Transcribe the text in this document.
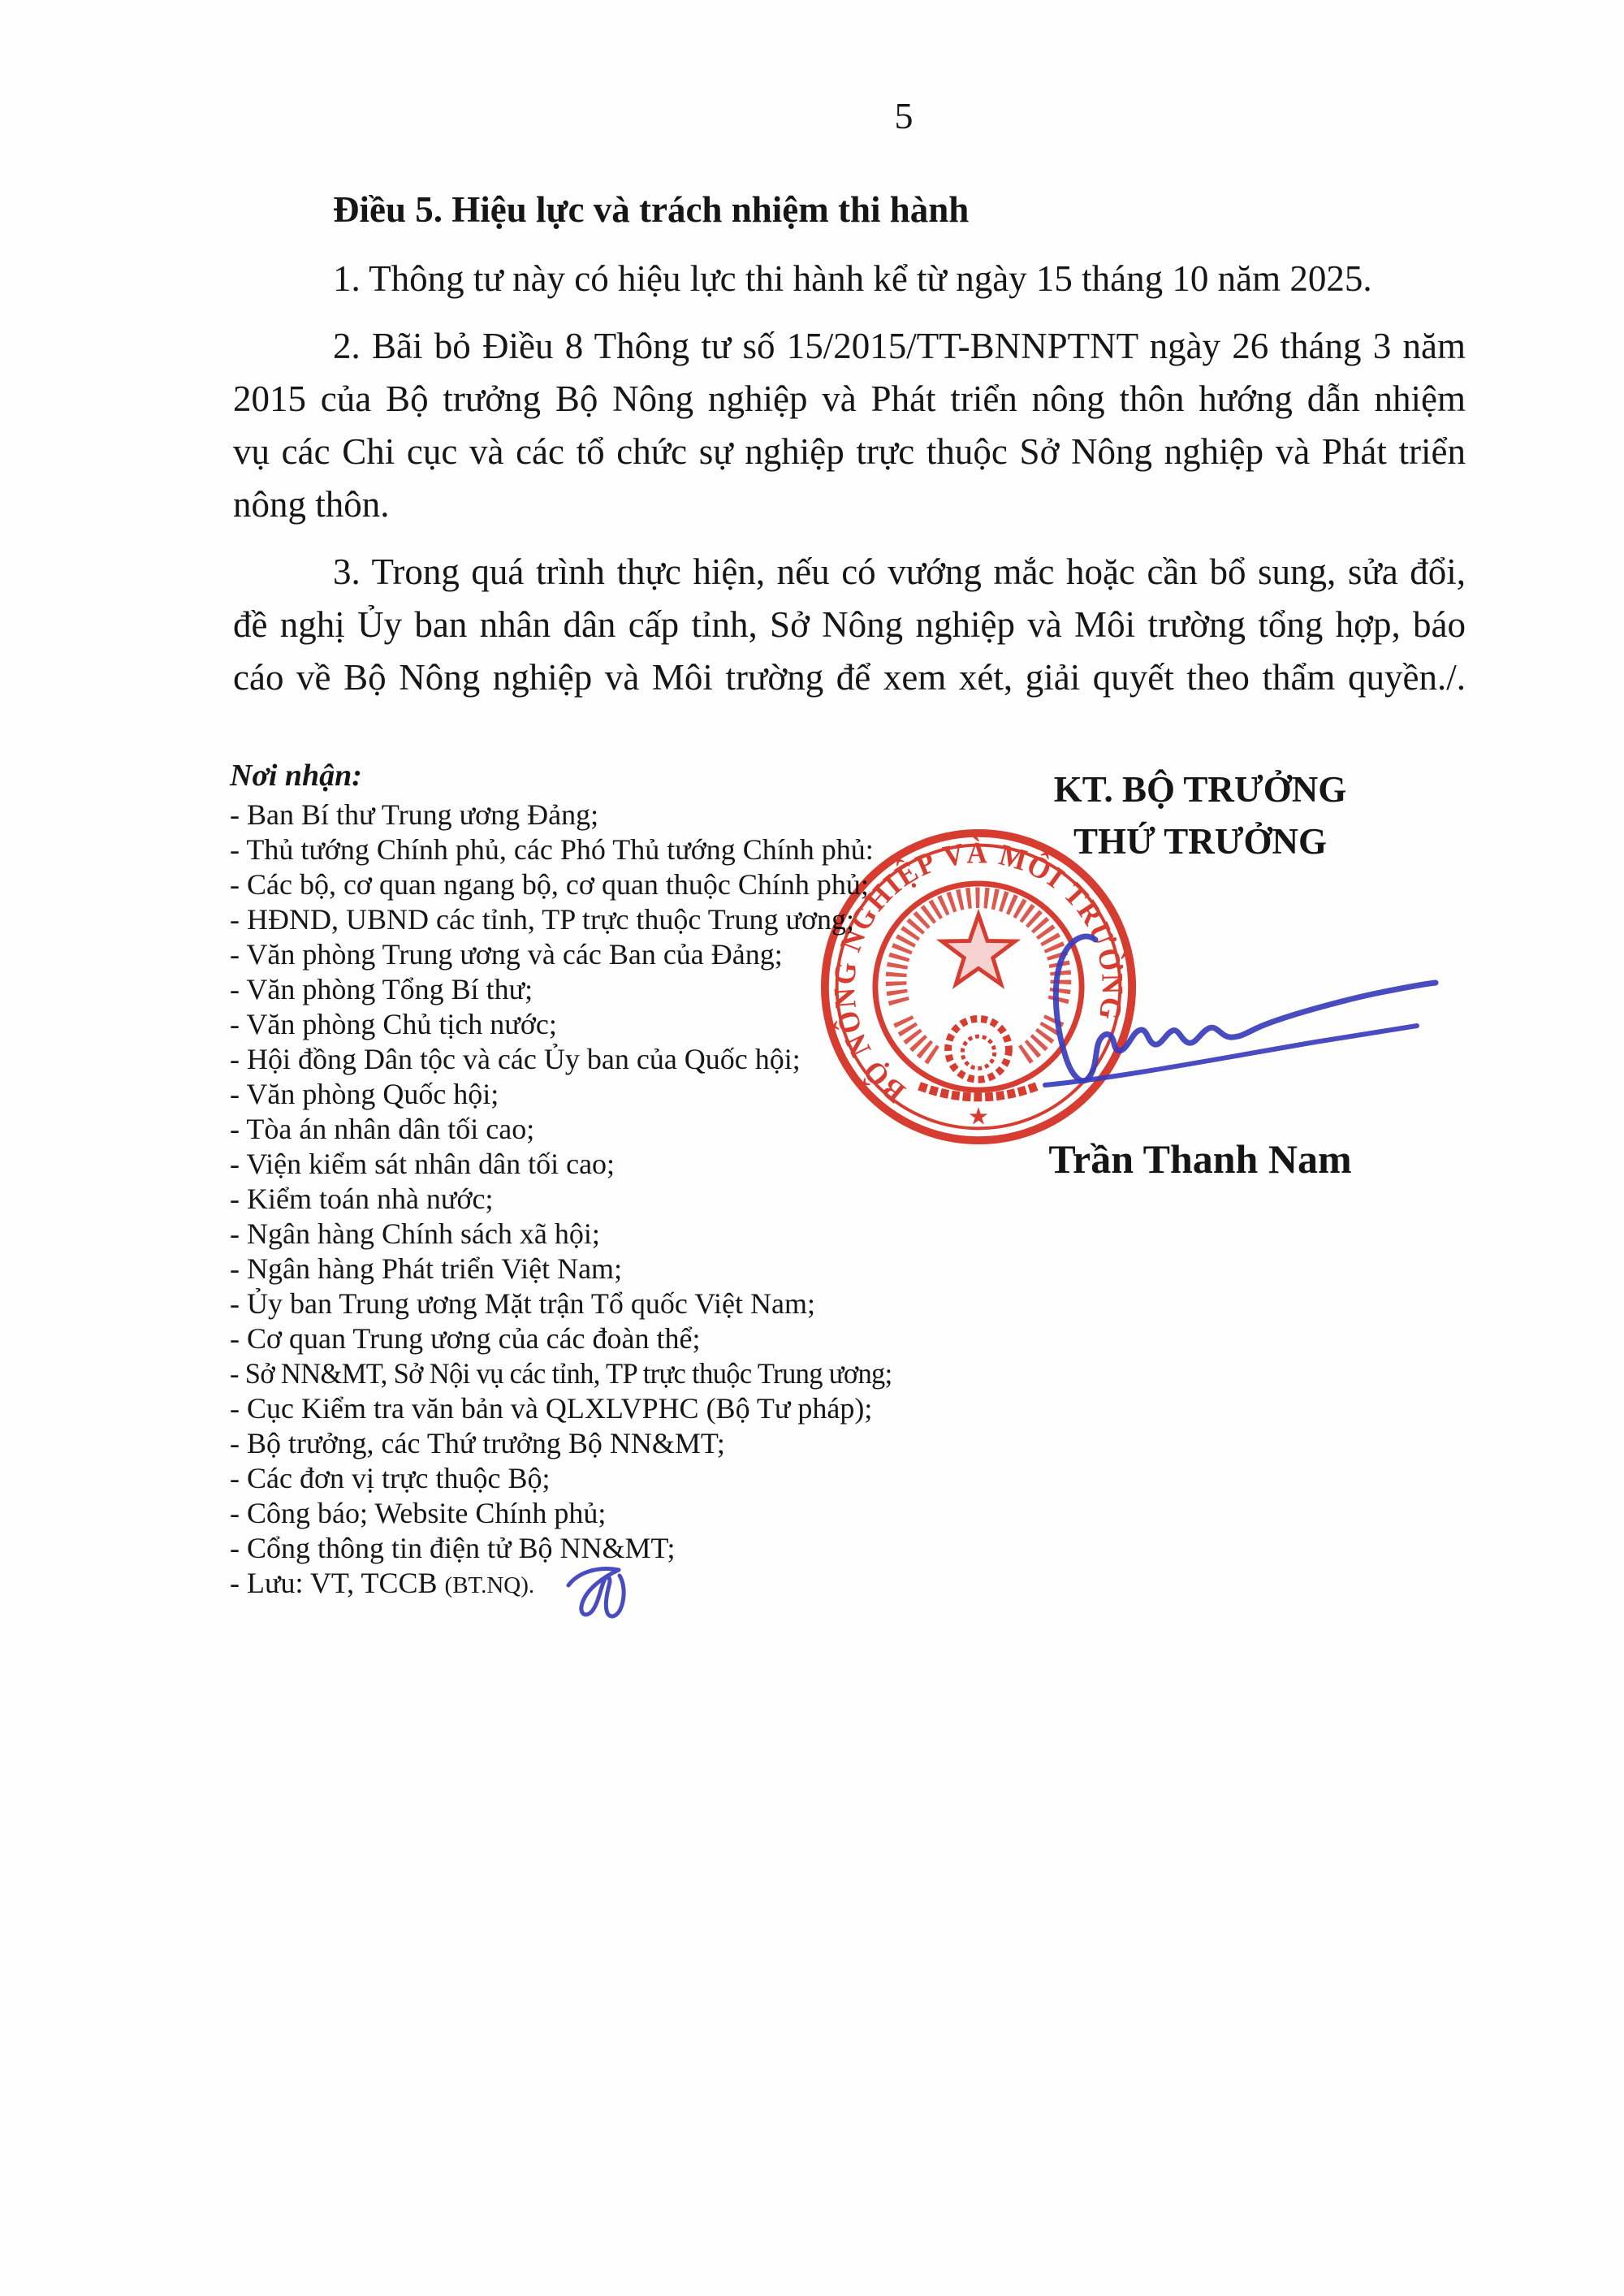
5
Điều 5. Hiệu lực và trách nhiệm thi hành
1. Thông tư này có hiệu lực thi hành kể từ ngày 15 tháng 10 năm 2025.
2. Bãi bỏ Điều 8 Thông tư số 15/2015/TT-BNNPTNT ngày 26 tháng 3 năm
2015 của Bộ trưởng Bộ Nông nghiệp và Phát triển nông thôn hướng dẫn nhiệm
vụ các Chi cục và các tổ chức sự nghiệp trực thuộc Sở Nông nghiệp và Phát triển
nông thôn.
3. Trong quá trình thực hiện, nếu có vướng mắc hoặc cần bổ sung, sửa đổi,
đề nghị Ủy ban nhân dân cấp tỉnh, Sở Nông nghiệp và Môi trường tổng hợp, báo
cáo về Bộ Nông nghiệp và Môi trường để xem xét, giải quyết theo thẩm quyền./.
Nơi nhận:
- Ban Bí thư Trung ương Đảng;
- Thủ tướng Chính phủ, các Phó Thủ tướng Chính phủ:
- Các bộ, cơ quan ngang bộ, cơ quan thuộc Chính phủ;
- HĐND, UBND các tỉnh, TP trực thuộc Trung ương;
- Văn phòng Trung ương và các Ban của Đảng;
- Văn phòng Tổng Bí thư;
- Văn phòng Chủ tịch nước;
- Hội đồng Dân tộc và các Ủy ban của Quốc hội;
- Văn phòng Quốc hội;
- Tòa án nhân dân tối cao;
- Viện kiểm sát nhân dân tối cao;
- Kiểm toán nhà nước;
- Ngân hàng Chính sách xã hội;
- Ngân hàng Phát triển Việt Nam;
- Ủy ban Trung ương Mặt trận Tổ quốc Việt Nam;
- Cơ quan Trung ương của các đoàn thể;
- Sở NN&MT, Sở Nội vụ các tỉnh, TP trực thuộc Trung ương;
- Cục Kiểm tra văn bản và QLXLVPHC (Bộ Tư pháp);
- Bộ trưởng, các Thứ trưởng Bộ NN&MT;
- Các đơn vị trực thuộc Bộ;
- Công báo; Website Chính phủ;
- Cổng thông tin điện tử Bộ NN&MT;
- Lưu: VT, TCCB (BT.NQ).
KT. BỘ TRƯỞNG
THỨ TRƯỞNG
Trần Thanh Nam
BỘ NÔNG NGHIỆP VÀ MÔI TRƯỜNG
★
